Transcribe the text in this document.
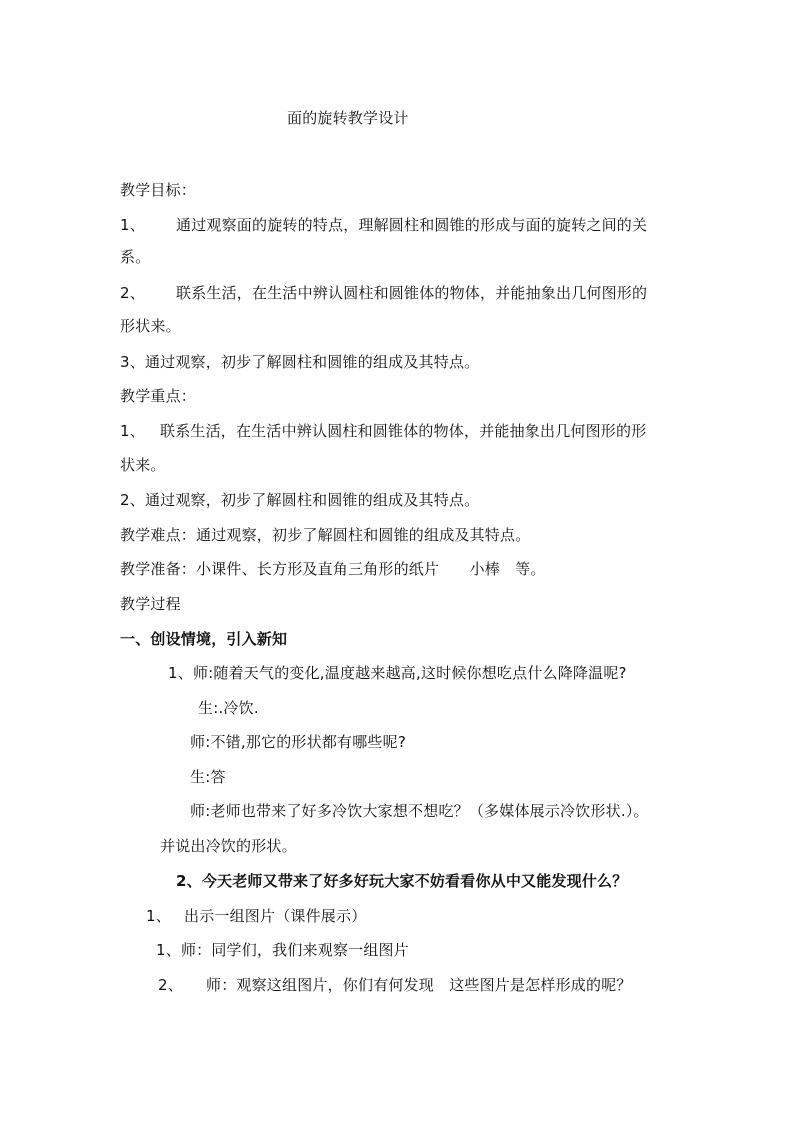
面的旋转教学设计
教学目标：
1、 通过观察面的旋转的特点，理解圆柱和圆锥的形成与面的旋转之间的关
系。
2、 联系生活，在生活中辨认圆柱和圆锥体的物体，并能抽象出几何图形的
形状来。
3、通过观察，初步了解圆柱和圆锥的组成及其特点。
教学重点：
1、 联系生活，在生活中辨认圆柱和圆锥体的物体，并能抽象出几何图形的形
状来。
2、通过观察，初步了解圆柱和圆锥的组成及其特点。
教学难点：通过观察，初步了解圆柱和圆锥的组成及其特点。
教学准备：小课件、长方形及直角三角形的纸片　　小棒　等。
教学过程
一、创设情境，引入新知
1、师:随着天气的变化,温度越来越高,这时候你想吃点什么降降温呢?
生:.冷饮.
师:不错,那它的形状都有哪些呢?
生:答
师:老师也带来了好多冷饮大家想不想吃？（多媒体展示冷饮形状.）。
并说出冷饮的形状。
2、今天老师又带来了好多好玩大家不妨看看你从中又能发现什么？
1、 出示一组图片（课件展示）
1、师：同学们，我们来观察一组图片
2、 师：观察这组图片，你们有何发现　这些图片是怎样形成的呢？
